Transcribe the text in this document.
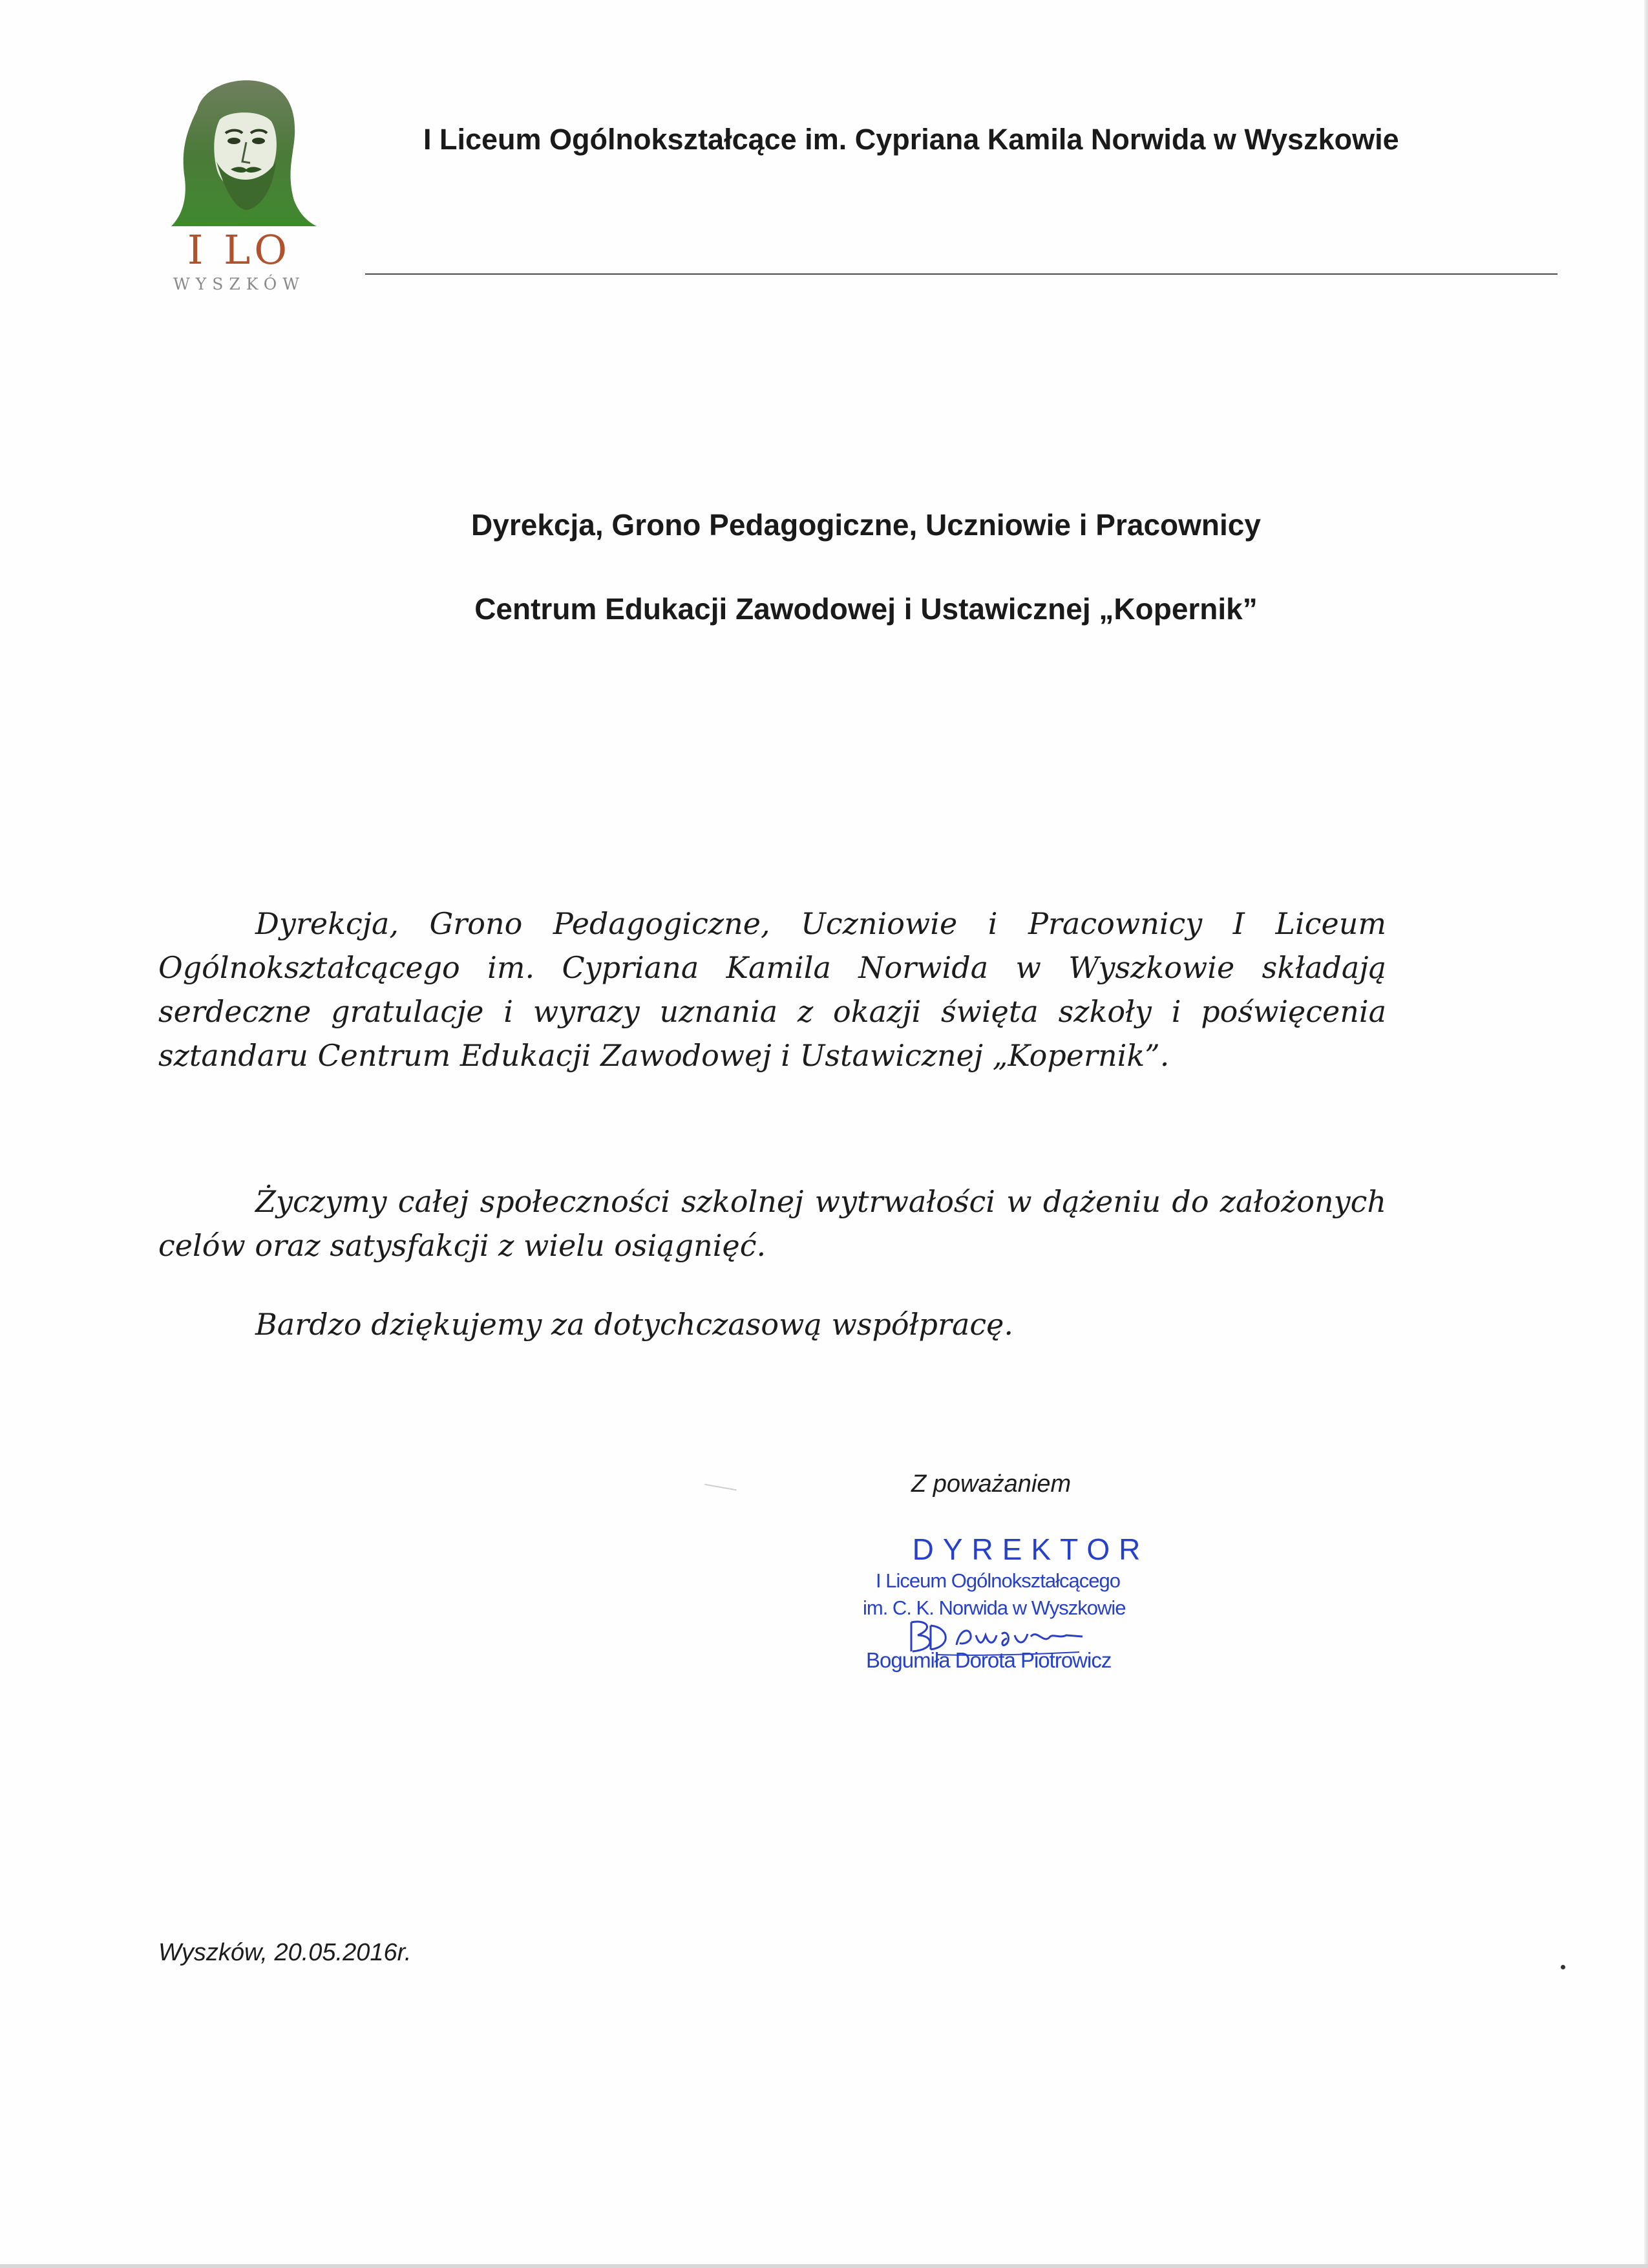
I LO
WYSZKÓW
I Liceum Ogólnokształcące im. Cypriana Kamila Norwida w Wyszkowie
Dyrekcja, Grono Pedagogiczne, Uczniowie i Pracownicy
Centrum Edukacji Zawodowej i Ustawicznej „Kopernik”
Dyrekcja, Grono Pedagogiczne, Uczniowie i Pracownicy I Liceum Ogólnokształcącego im. Cypriana Kamila Norwida w Wyszkowie składają serdeczne gratulacje i wyrazy uznania z okazji święta szkoły i poświęcenia sztandaru Centrum Edukacji Zawodowej i Ustawicznej „Kopernik”.
Życzymy całej społeczności szkolnej wytrwałości w dążeniu do założonych celów oraz satysfakcji z wielu osiągnięć.
Bardzo dziękujemy za dotychczasową współpracę.
Z poważaniem
DYREKTOR
I Liceum Ogólnokształcącego
im. C. K. Norwida w Wyszkowie
Bogumiła Dorota Piotrowicz
Wyszków, 20.05.2016r.
